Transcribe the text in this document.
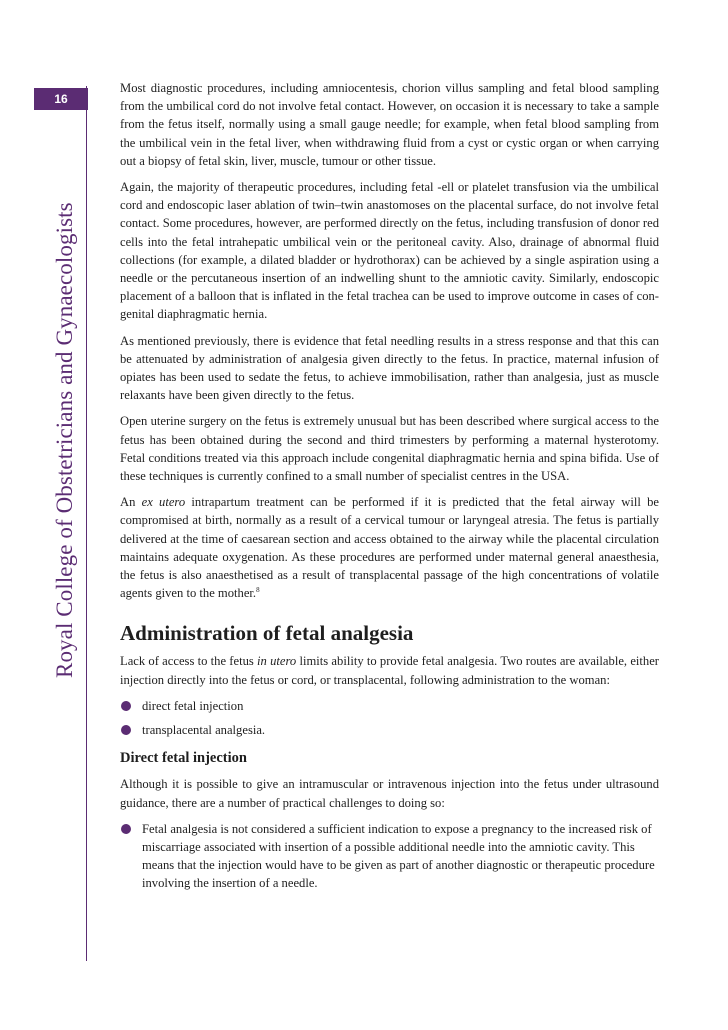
16
Royal College of Obstetricians and Gynaecologists

Most diagnostic procedures, including amniocentesis, chorion villus sampling and fetal blood sampling from the umbilical cord do not involve fetal contact. However, on occasion it is necessary to take a sample from the fetus itself, normally using a small gauge needle; for example, when fetal blood sampling from the umbilical vein in the fetal liver, when withdrawing fluid from a cyst or cystic organ or when carrying out a biopsy of fetal skin, liver, muscle, tumour or other tissue.

Again, the majority of therapeutic procedures, including fetal -ell or platelet transfusion via the umbilical cord and endoscopic laser ablation of twin–twin anastomoses on the placental surface, do not involve fetal contact. Some procedures, however, are performed directly on the fetus, including transfusion of donor red cells into the fetal intrahepatic umbilical vein or the peritoneal cavity. Also, drainage of abnormal fluid collections (for example, a dilated bladder or hydrothorax) can be achieved by a single aspiration using a needle or the percutaneous insertion of an indwelling shunt to the amniotic cavity. Similarly, endoscopic placement of a balloon that is inflated in the fetal trachea can be used to improve outcome in cases of congenital diaphragmatic hernia.

As mentioned previously, there is evidence that fetal needling results in a stress response and that this can be attenuated by administration of analgesia given directly to the fetus. In practice, maternal infusion of opiates has been used to sedate the fetus, to achieve immobilisation, rather than analgesia, just as muscle relaxants have been given directly to the fetus.

Open uterine surgery on the fetus is extremely unusual but has been described where surgical access to the fetus has been obtained during the second and third trimesters by performing a maternal hysterotomy. Fetal conditions treated via this approach include congenital diaphragmatic hernia and spina bifida. Use of these techniques is currently confined to a small number of specialist centres in the USA.

An ex utero intrapartum treatment can be performed if it is predicted that the fetal airway will be compromised at birth, normally as a result of a cervical tumour or laryngeal atresia. The fetus is partially delivered at the time of caesarean section and access obtained to the airway while the placental circulation maintains adequate oxygenation. As these procedures are performed under maternal general anaesthesia, the fetus is also anaesthetised as a result of transplacental passage of the high concentrations of volatile agents given to the mother.$^8$

Administration of fetal analgesia

Lack of access to the fetus in utero limits ability to provide fetal analgesia. Two routes are available, either injection directly into the fetus or cord, or transplacental, following administration to the woman:

direct fetal injection
transplacental analgesia.
Direct fetal injection

Although it is possible to give an intramuscular or intravenous injection into the fetus under ultrasound guidance, there are a number of practical challenges to doing so:

Fetal analgesia is not considered a sufficient indication to expose a pregnancy to the increased risk of miscarriage associated with insertion of a possible additional needle into the amniotic cavity. This means that the injection would have to be given as part of another diagnostic or therapeutic procedure involving the insertion of a needle.
